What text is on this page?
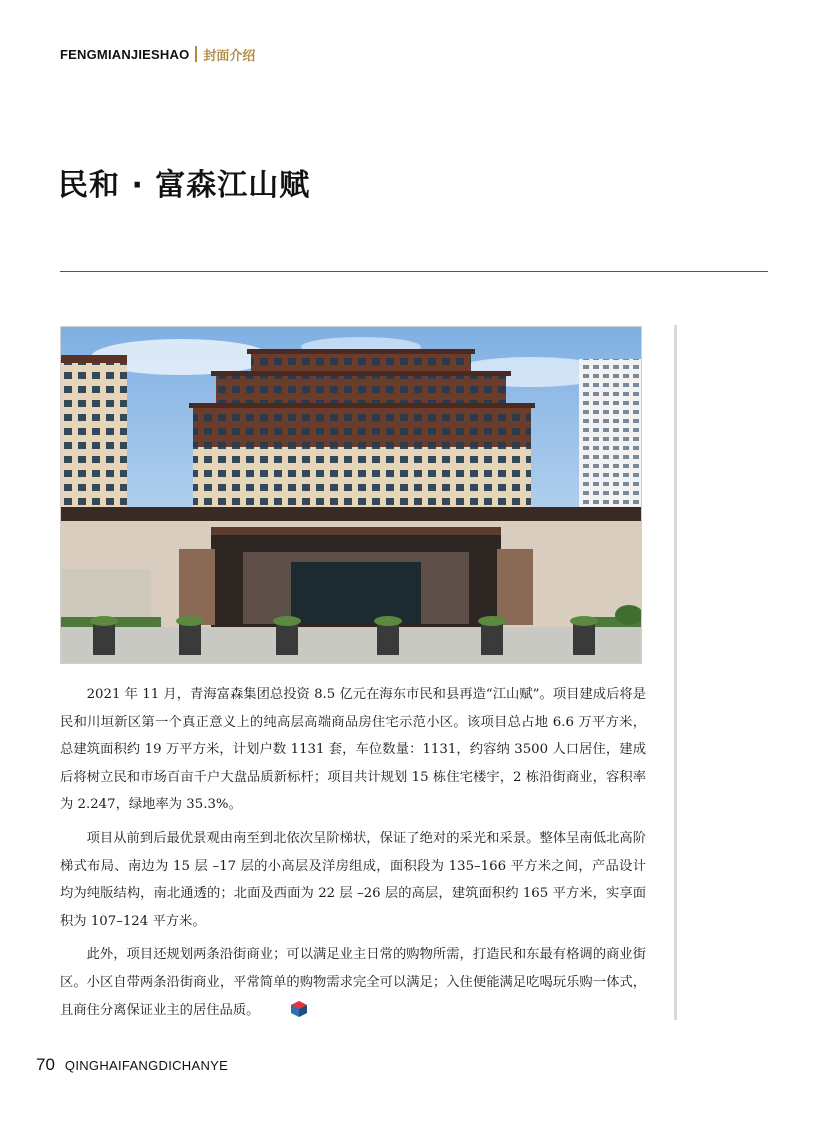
FENGMIANJIESHAO 封面介绍
民和 · 富森江山赋

2021 年 11 月，青海富森集团总投资 8.5 亿元在海东市民和县再造“江山赋”。项目建成后将是民和川垣新区第一个真正意义上的纯高层高端商品房住宅示范小区。该项目总占地 6.6 万平方米，总建筑面积约 19 万平方米，计划户数 1131 套，车位数量：1131，约容纳 3500 人口居住，建成后将树立民和市场百亩千户大盘品质新标杆；项目共计规划 15 栋住宅楼宇，2 栋沿街商业，容积率为 2.247，绿地率为 35.3%。

项目从前到后最优景观由南至到北依次呈阶梯状，保证了绝对的采光和采景。整体呈南低北高阶梯式布局、南边为 15 层 –17 层的小高层及洋房组成，面积段为 135–166 平方米之间，产品设计均为纯版结构，南北通透的；北面及西面为 22 层 –26 层的高层，建筑面积约 165 平方米，实享面积为 107–124 平方米。

此外，项目还规划两条沿街商业；可以满足业主日常的购物所需，打造民和东最有格调的商业街区。小区自带两条沿街商业，平常简单的购物需求完全可以满足；入住便能满足吃喝玩乐购一体式，且商住分离保证业主的居住品质。

70 QINGHAIFANGDICHANYE
